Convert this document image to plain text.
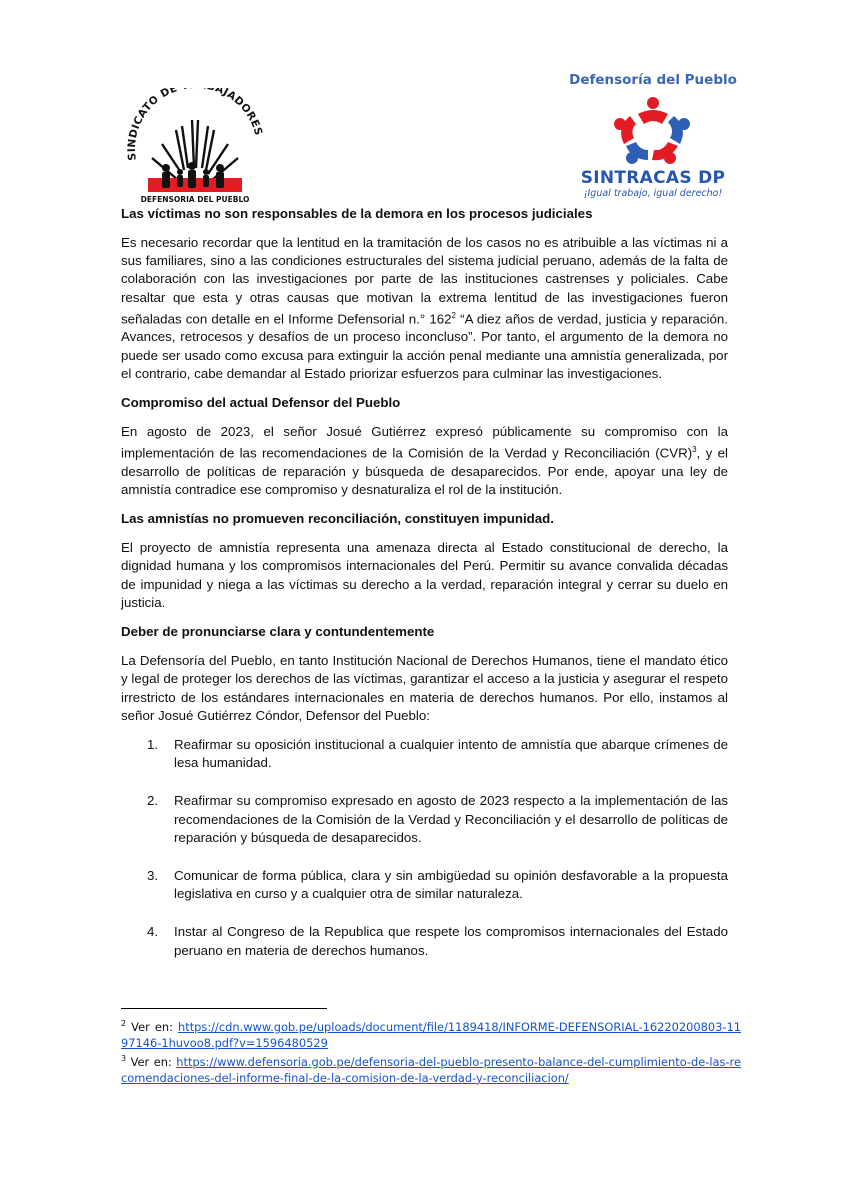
SINDICATO DE AJADORES
DEFENSORIA DEL PUEBLO
Defensoría del Pueblo
SINTRACAS DP
¡Igual trabajo, igual derecho!
Las víctimas no son responsables de la demora en los procesos judiciales

Es necesario recordar que la lentitud en la tramitación de los casos no es atribuible a las víctimas ni a sus familiares, sino a las condiciones estructurales del sistema judicial peruano, además de la falta de colaboración con las investigaciones por parte de las instituciones castrenses y policiales. Cabe resaltar que esta y otras causas que motivan la extrema lentitud de las investigaciones fueron señaladas con detalle en el Informe Defensorial n.° $162^2$ “A diez años de verdad, justicia y reparación. Avances, retrocesos y desafíos de un proceso inconcluso”. Por tanto, el argumento de la demora no puede ser usado como excusa para extinguir la acción penal mediante una amnistía generalizada, por el contrario, cabe demandar al Estado priorizar esfuerzos para culminar las investigaciones.

Compromiso del actual Defensor del Pueblo

En agosto de 2023, el señor Josué Gutiérrez expresó públicamente su compromiso con la implementación de las recomendaciones de la Comisión de la Verdad y Reconciliación (CVR)$^3$, y el desarrollo de políticas de reparación y búsqueda de desaparecidos. Por ende, apoyar una ley de amnistía contradice ese compromiso y desnaturaliza el rol de la institución.

Las amnistías no promueven reconciliación, constituyen impunidad.

El proyecto de amnistía representa una amenaza directa al Estado constitucional de derecho, la dignidad humana y los compromisos internacionales del Perú. Permitir su avance convalida décadas de impunidad y niega a las víctimas su derecho a la verdad, reparación integral y cerrar su duelo en justicia.

Deber de pronunciarse clara y contundentemente

La Defensoría del Pueblo, en tanto Institución Nacional de Derechos Humanos, tiene el mandato ético y legal de proteger los derechos de las víctimas, garantizar el acceso a la justicia y asegurar el respeto irrestricto de los estándares internacionales en materia de derechos humanos. Por ello, instamos al señor Josué Gutiérrez Cóndor, Defensor del Pueblo:

1. Reafirmar su oposición institucional a cualquier intento de amnistía que abarque crímenes de lesa humanidad.
2. Reafirmar su compromiso expresado en agosto de 2023 respecto a la implementación de las recomendaciones de la Comisión de la Verdad y Reconciliación y el desarrollo de políticas de reparación y búsqueda de desaparecidos.
3. Comunicar de forma pública, clara y sin ambigüedad su opinión desfavorable a la propuesta legislativa en curso y a cualquier otra de similar naturaleza.
4. Instar al Congreso de la Republica que respete los compromisos internacionales del Estado peruano en materia de derechos humanos.

$^2$ Ver en: https://cdn.www.gob.pe/uploads/document/file/1189418/INFORME-DEFENSORIAL-16220200803-1197146-1huvoo8.pdf?v=1596480529

$^3$ Ver en: https://www.defensoria.gob.pe/defensoria-del-pueblo-presento-balance-del-cumplimiento-de-las-recomendaciones-del-informe-final-de-la-comision-de-la-verdad-y-reconciliacion/
